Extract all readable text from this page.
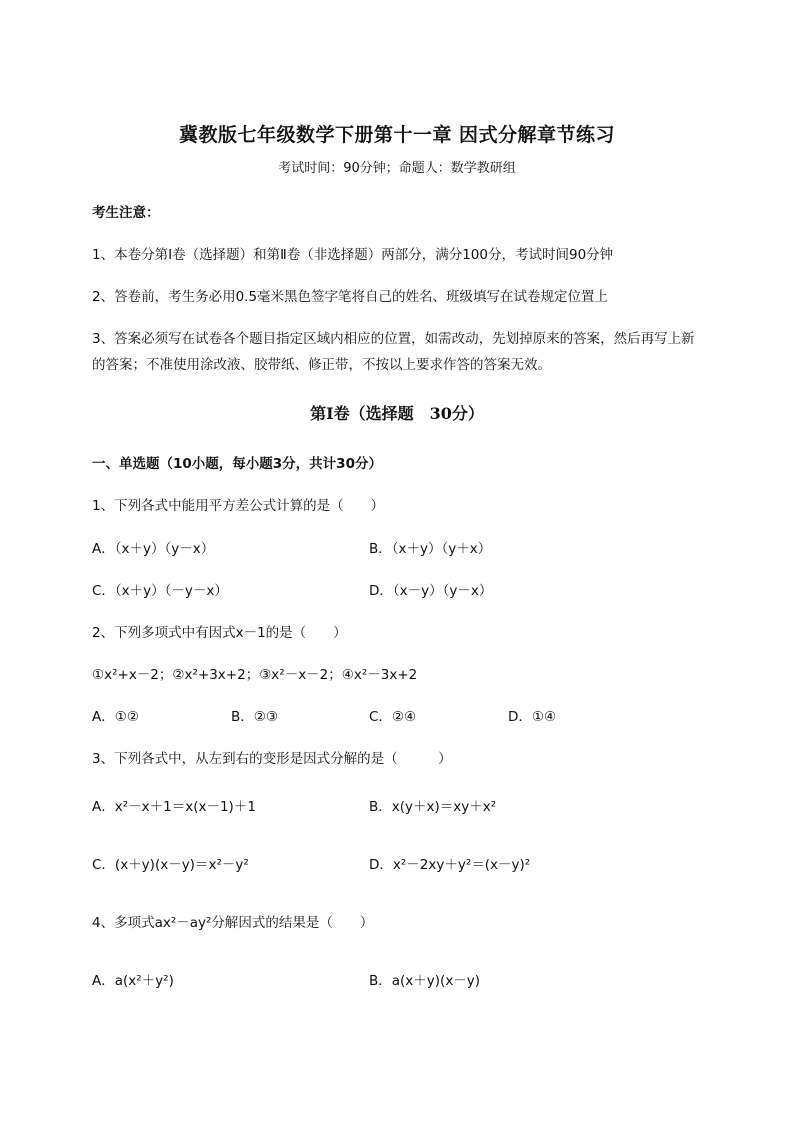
冀教版七年级数学下册第十一章 因式分解章节练习
考试时间：90分钟；命题人：数学教研组
考生注意：
1、本卷分第I卷（选择题）和第Ⅱ卷（非选择题）两部分，满分100分，考试时间90分钟
2、答卷前，考生务必用0.5毫米黑色签字笔将自己的姓名、班级填写在试卷规定位置上
3、答案必须写在试卷各个题目指定区域内相应的位置，如需改动，先划掉原来的答案，然后再写上新
的答案；不准使用涂改液、胶带纸、修正带，不按以上要求作答的答案无效。
第I卷（选择题　30分）
一、单选题（10小题，每小题3分，共计30分）
1、下列各式中能用平方差公式计算的是（　　）
A．（x＋y）（y－x）	B．（x＋y）（y＋x）
C．（x＋y）（－y－x）	D．（x－y）（y－x）
2、下列多项式中有因式x－1的是（　　）
①x²+x－2；②x²+3x+2；③x²－x－2；④x²－3x+2
A．①②	B．②③	C．②④	D．①④
3、下列各式中，从左到右的变形是因式分解的是（　　　）
A．x²－x＋1＝x(x－1)＋1	B．x(y＋x)＝xy＋x²
C．(x＋y)(x－y)＝x²－y²	D．x²－2xy＋y²＝(x－y)²
4、多项式ax²－ay²分解因式的结果是（　　）
A．a(x²＋y²)	B．a(x＋y)(x－y)
